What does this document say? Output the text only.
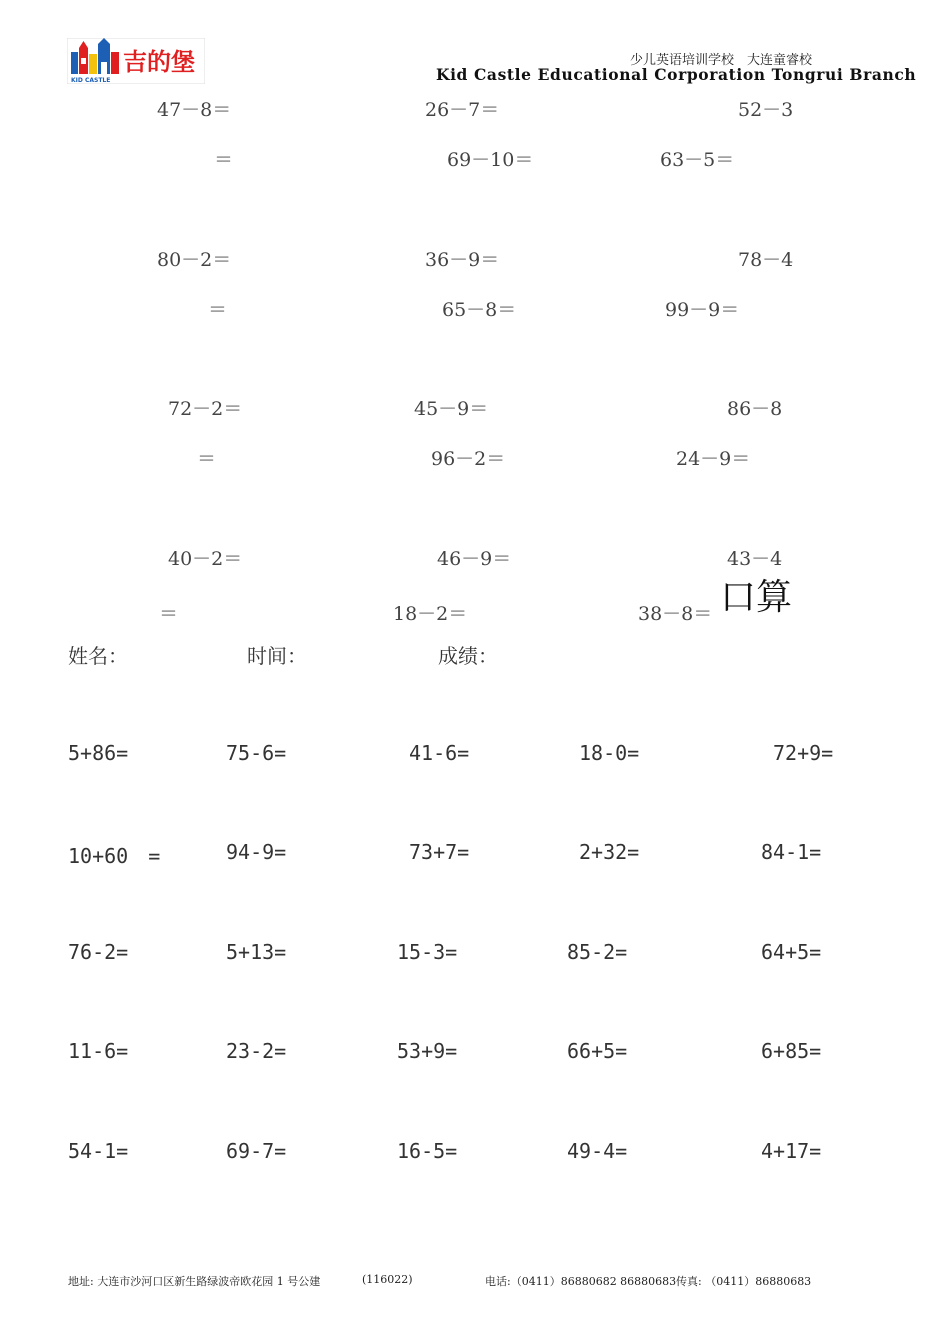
KID CASTLE
吉的堡	少儿英语培训学校　大连童睿校
Kid Castle Educational Corporation Tongrui Branch
47－8＝	26－7＝	52－3
＝	69－10＝	63－5＝
80－2＝	36－9＝	78－4
＝	65－8＝	99－9＝
72－2＝	45－9＝	86－8
＝	96－2＝	24－9＝
40－2＝	46－9＝	43－4
＝	18－2＝	38－8＝ 口算
姓名：	时间：	成绩：
5+86=	75-6=	41-6=	18-0=	72+9=
10+60　=	94-9=	73+7=	2+32=	84-1=
76-2=	5+13=	15-3=	85-2=	64+5=
11-6=	23-2=	53+9=	66+5=	6+85=
54-1=	69-7=	16-5=	49-4=	4+17=
地址: 大连市沙河口区新生路绿波帝欧花园 1 号公建	(116022)	电话:（0411）86880682 86880683 传真: （0411）86880683
